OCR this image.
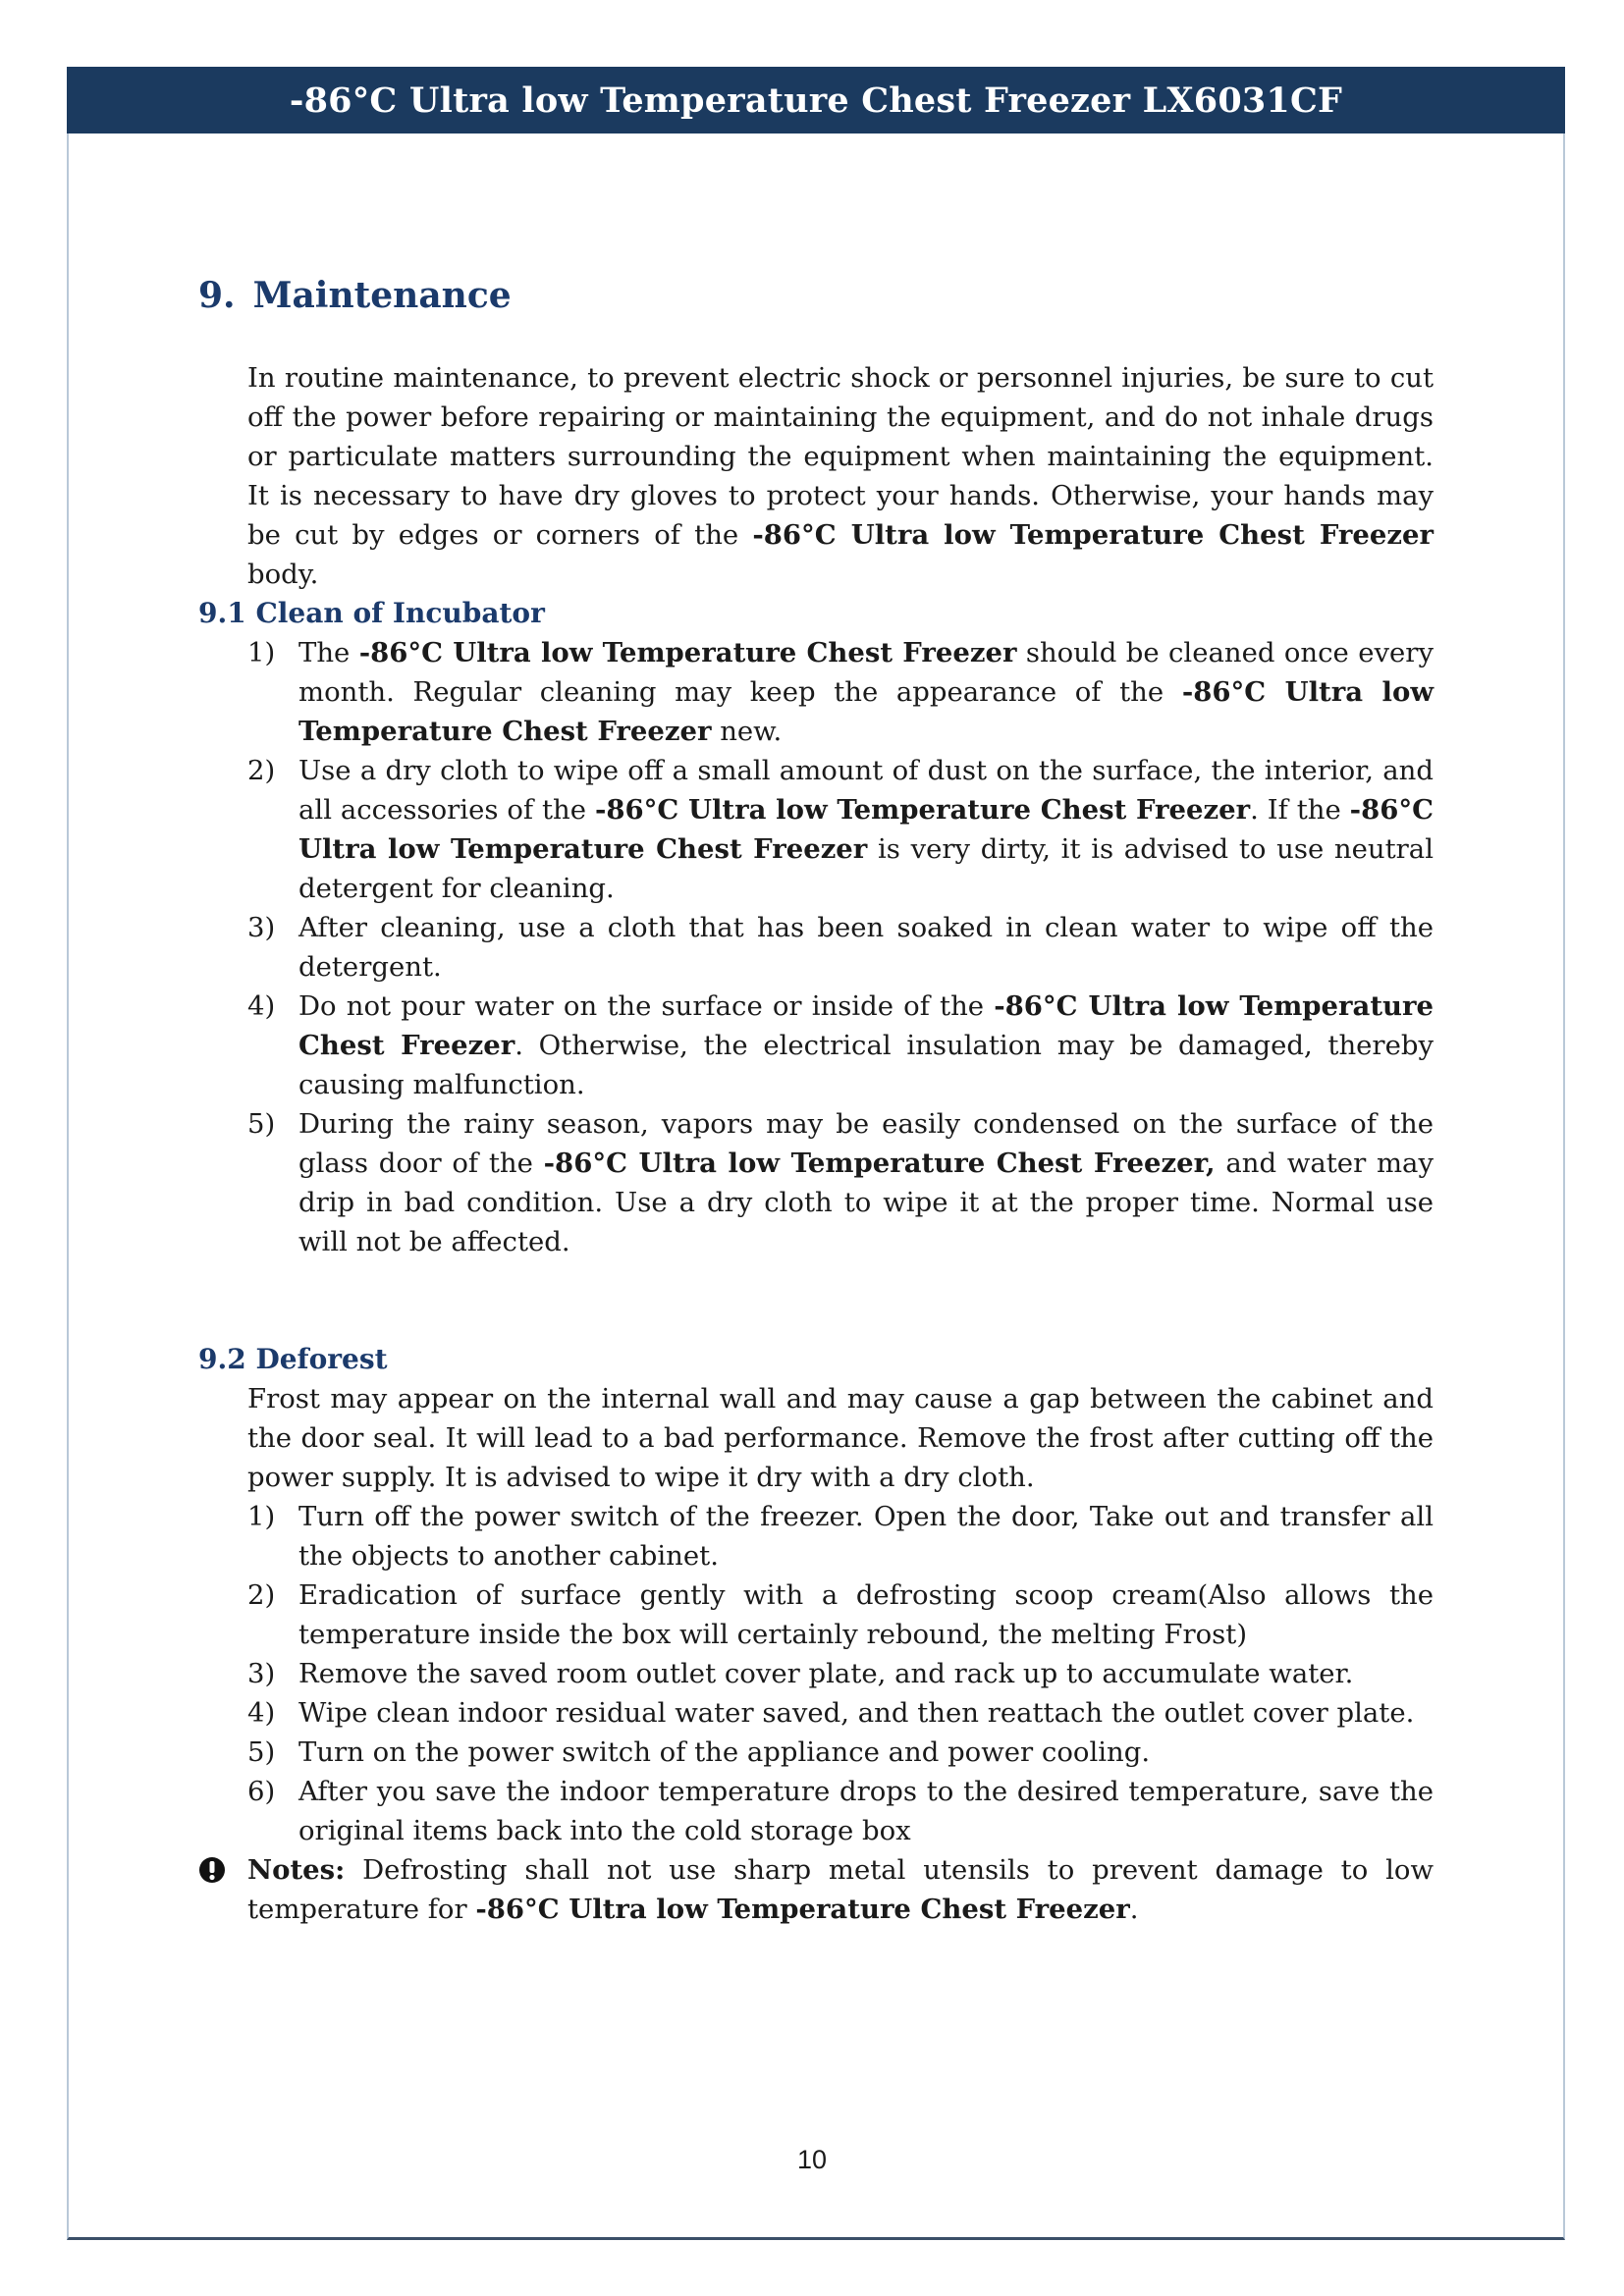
-86°C Ultra low Temperature Chest Freezer LX6031CF
9. Maintenance
In routine maintenance, to prevent electric shock or personnel injuries, be sure to cut off the power before repairing or maintaining the equipment, and do not inhale drugs or particulate matters surrounding the equipment when maintaining the equipment. It is necessary to have dry gloves to protect your hands. Otherwise, your hands may be cut by edges or corners of the -86°C Ultra low Temperature Chest Freezer body.
9.1 Clean of Incubator
1) The -86°C Ultra low Temperature Chest Freezer should be cleaned once every month. Regular cleaning may keep the appearance of the -86°C Ultra low Temperature Chest Freezer new.
2) Use a dry cloth to wipe off a small amount of dust on the surface, the interior, and all accessories of the -86°C Ultra low Temperature Chest Freezer. If the -86°C Ultra low Temperature Chest Freezer is very dirty, it is advised to use neutral detergent for cleaning.
3) After cleaning, use a cloth that has been soaked in clean water to wipe off the detergent.
4) Do not pour water on the surface or inside of the -86°C Ultra low Temperature Chest Freezer. Otherwise, the electrical insulation may be damaged, thereby causing malfunction.
5) During the rainy season, vapors may be easily condensed on the surface of the glass door of the -86°C Ultra low Temperature Chest Freezer, and water may drip in bad condition. Use a dry cloth to wipe it at the proper time. Normal use will not be affected.
9.2 Deforest
Frost may appear on the internal wall and may cause a gap between the cabinet and the door seal. It will lead to a bad performance. Remove the frost after cutting off the power supply. It is advised to wipe it dry with a dry cloth.
1) Turn off the power switch of the freezer. Open the door, Take out and transfer all the objects to another cabinet.
2) Eradication of surface gently with a defrosting scoop cream(Also allows the temperature inside the box will certainly rebound, the melting Frost)
3) Remove the saved room outlet cover plate, and rack up to accumulate water.
4) Wipe clean indoor residual water saved, and then reattach the outlet cover plate.
5) Turn on the power switch of the appliance and power cooling.
6) After you save the indoor temperature drops to the desired temperature, save the original items back into the cold storage box
Notes: Defrosting shall not use sharp metal utensils to prevent damage to low temperature for -86°C Ultra low Temperature Chest Freezer.
10
